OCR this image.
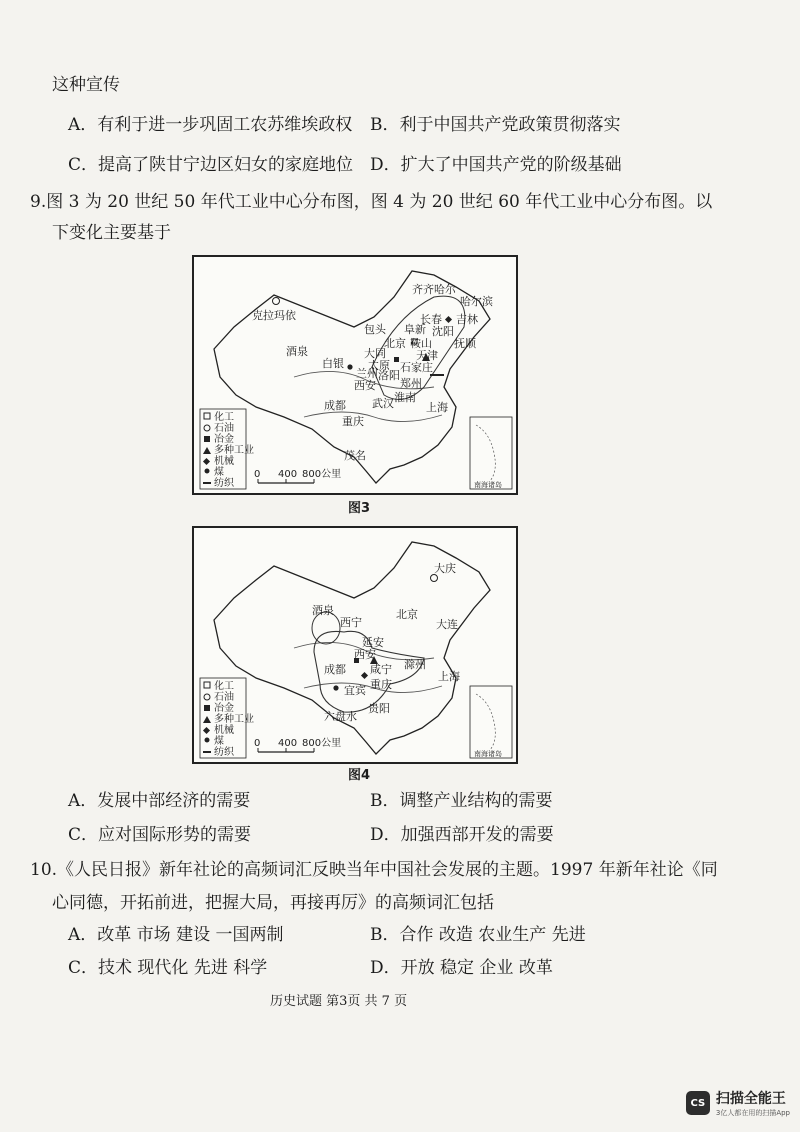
这种宣传
A．有利于进一步巩固工农苏维埃政权 B．利于中国共产党政策贯彻落实
C．提高了陕甘宁边区妇女的家庭地位 D．扩大了中国共产党的阶级基础
9.图 3 为 20 世纪 50 年代工业中心分布图，图 4 为 20 世纪 60 年代工业中心分布图。以
下变化主要基于
克拉玛依
齐齐哈尔
哈尔滨
长春 吉林
包头 阜新 沈阳
抚顺
北京 鞍山
大同	天津
酒泉
白银 太原
兰州 洛阳
石家庄
西安 郑州
淮南
成都 武汉	上海
重庆
茂名
化工
石油
冶金
多种工业
机械
煤
纺织
0 400 800公里
南海诸岛
图3
大庆
酒泉
西宁
北京
大连
延安
西安
成都 咸宁 滁州
宜宾 重庆
上海
六盘水
贵阳
化工
石油
冶金
多种工业
机械
煤
纺织
0 400 800公里
南海诸岛
图4
A．发展中部经济的需要	B．调整产业结构的需要
C．应对国际形势的需要	D．加强西部开发的需要
10.《人民日报》新年社论的高频词汇反映当年中国社会发展的主题。1997 年新年社论《同
心同德，开拓前进，把握大局，再接再厉》的高频词汇包括
A．改革 市场 建设 一国两制	B．合作 改造 农业生产 先进
C．技术 现代化 先进 科学	D．开放 稳定 企业 改革
历史试题 第3页 共 7 页
CS 扫描全能王
3亿人都在用的扫描App
